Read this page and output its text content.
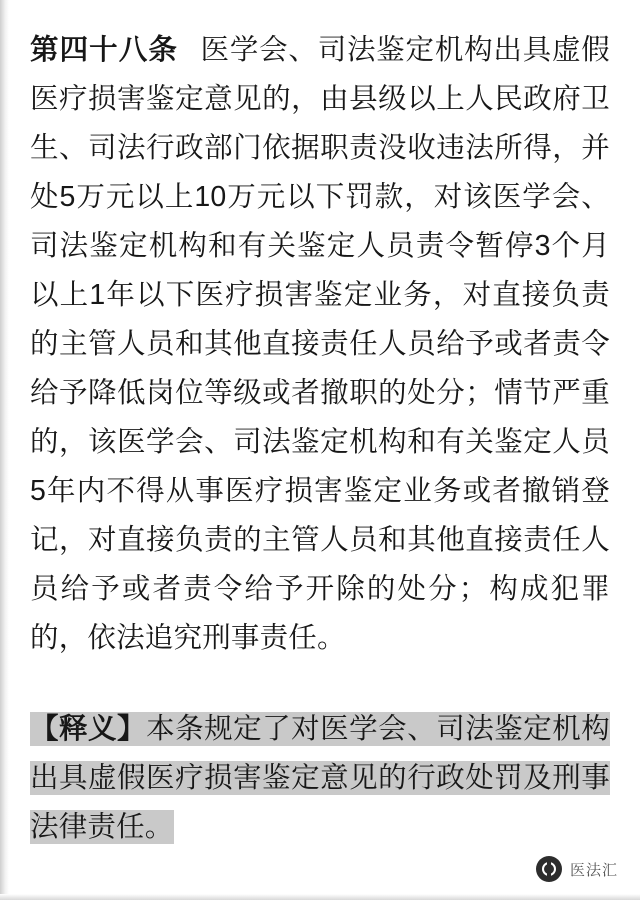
第四十八条 医学会、司法鉴定机构出具虚假医疗损害鉴定意见的，由县级以上人民政府卫生、司法行政部门依据职责没收违法所得，并处5万元以上10万元以下罚款，对该医学会、司法鉴定机构和有关鉴定人员责令暂停3个月以上1年以下医疗损害鉴定业务，对直接负责的主管人员和其他直接责任人员给予或者责令给予降低岗位等级或者撤职的处分；情节严重的，该医学会、司法鉴定机构和有关鉴定人员5年内不得从事医疗损害鉴定业务或者撤销登记，对直接负责的主管人员和其他直接责任人员给予或者责令给予开除的处分；构成犯罪的，依法追究刑事责任。
【释义】本条规定了对医学会、司法鉴定机构出具虚假医疗损害鉴定意见的行政处罚及刑事法律责任。
医法汇
